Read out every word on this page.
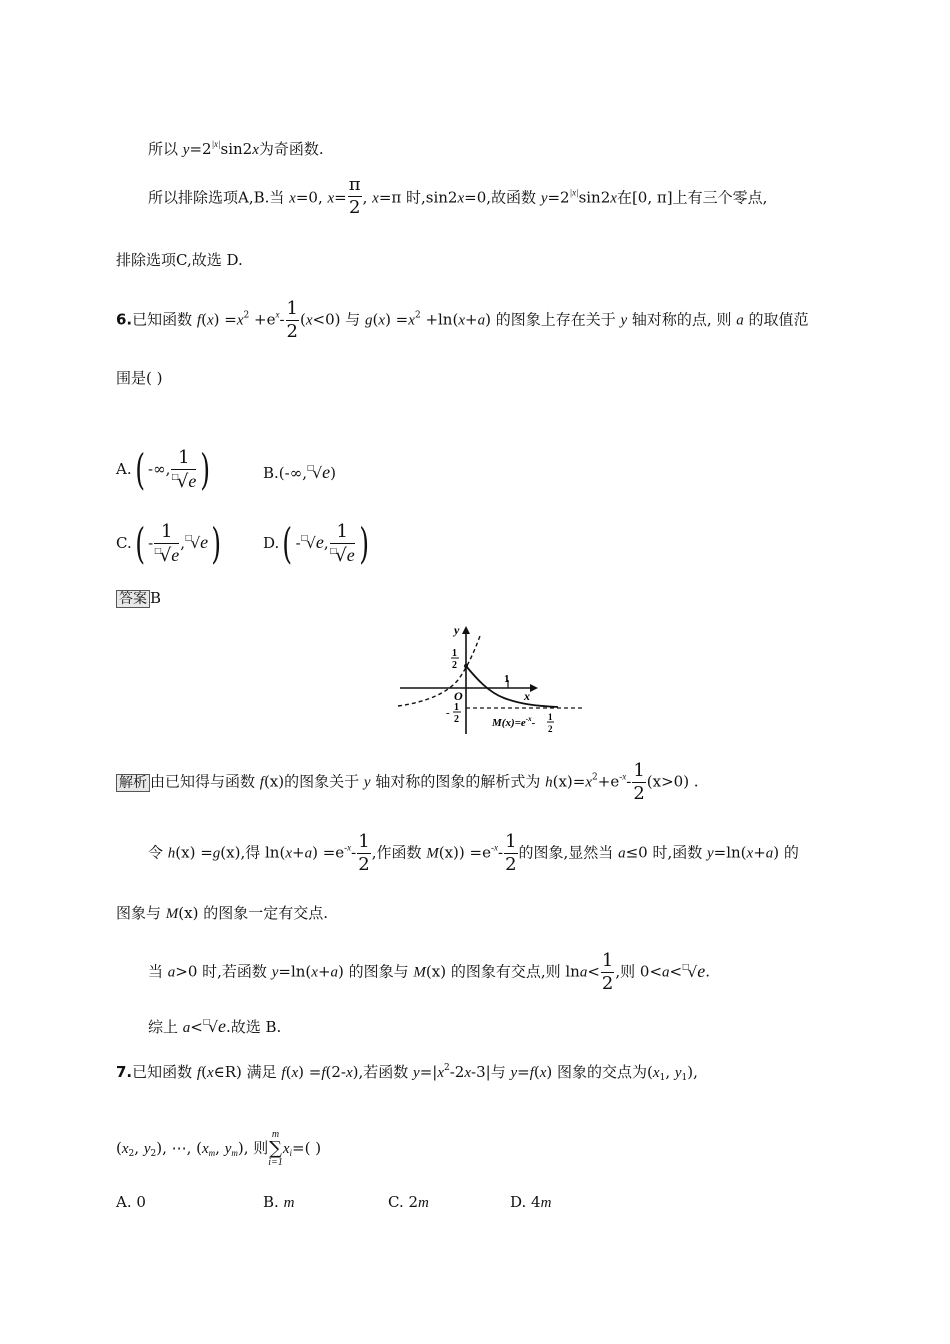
所以 $y=2^{|x|}\sin 2x$为奇函数.
所以排除选项A,B.当 x=0, $x= \frac{\pi}{2}$ , x=π 时,sin2x=0,故函数 $y=2^{|x|}\sin 2x$在[0, π]上有三个零点,
排除选项C,故选 D.
6.已知函数 $f(x) =x^2 +e^x- \frac{1}{2} (x<0)$ 与 $g(x) =x^2 +\ln(x+a)$ 的图象上存在关于 y 轴对称的点, 则 a 的取值范
围是( )
A.( -∞, $\frac{1}{^□√e}$ )	B.(-∞,□√e)
$C.( - \frac{1}{^□√e} ,^□√e)$	D.( -□√e, $\frac{1}{^□√e}$ )
答案 B
y
x
O
1
2
1
- 1
2	$M(x)=e^{-x}-$ 1
2
解析 由已知得与函数 f(x)的图象关于 y 轴对称的图象的解析式为 $h(x)=x^2+e^{-x}- \frac{1}{2} (x>0)$ .
令 h(x) =g(x),得 $\ln(x+a) =e^{-x}- \frac{1}{2}$ ,作函数 $M(x)) =e^{-x}- \frac{1}{2}$ 的图象,显然当 a≤0 时,函数 y=ln(x+a) 的
图象与 M(x) 的图象一定有交点.
当 a>0 时,若函数 y=ln(x+a) 的图象与 M(x) 的图象有交点,则 $\ln a< \frac{1}{2}$ ,则 0<a<□√e.
综上 a<□√e.故选 B.
7.已知函数 f(x∈R) 满足 f(x) =f(2-x),若函数 $y=|x^2-2x-3|$与 y=f(x) 图象的交点为($x_1$, $y_1$),
($x_2$, $y_2$), ⋯, ($x_m$, $y_m$), 则
m
∑
i=1
$x_i=$( )
A. 0	B. m	C. 2m	D. 4m
